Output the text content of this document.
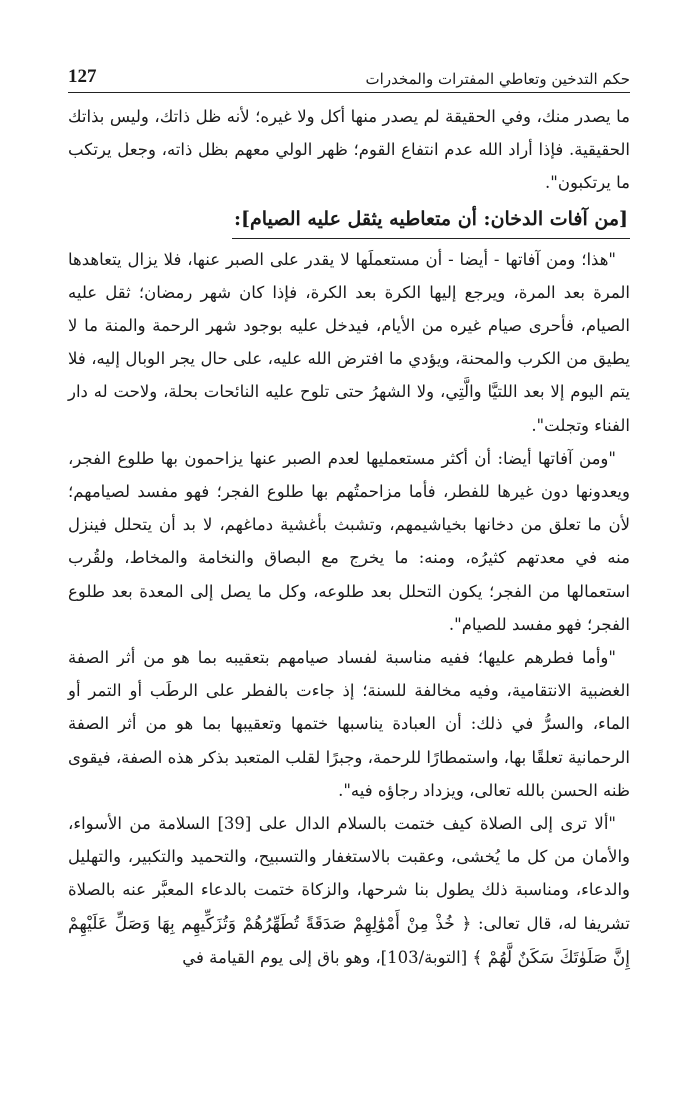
حكم التدخين وتعاطي المفترات والمخدرات
127

ما يصدر منك، وفي الحقيقة لم يصدر منها أكل ولا غيره؛ لأنه ظل ذاتك، وليس بذاتك الحقيقية. فإذا أراد الله عدم انتفاع القوم؛ ظهر الولي معهم بظل ذاته، وجعل يرتكب ما يرتكبون".

[من آفات الدخان: أن متعاطيه يثقل عليه الصيام]:

"هذا؛ ومن آفاتها - أيضا - أن مستعملَها لا يقدر على الصبر عنها، فلا يزال يتعاهدها المرة بعد المرة، ويرجع إليها الكرة بعد الكرة، فإذا كان شهر رمضان؛ ثقل عليه الصيام، فأحرى صيام غيره من الأيام، فيدخل عليه بوجود شهر الرحمة والمنة ما لا يطيق من الكرب والمحنة، ويؤدي ما افترض الله عليه، على حال يجر الوبال إليه، فلا يتم اليوم إلا بعد اللتيَّا والَّتِي، ولا الشهرُ حتى تلوح عليه النائحات بحلة، ولاحت له دار الفناء وتجلت".

"ومن آفاتها أيضا: أن أكثر مستعمليها لعدم الصبر عنها يزاحمون بها طلوع الفجر، ويعدونها دون غيرها للفطر، فأما مزاحمتُهم بها طلوع الفجر؛ فهو مفسد لصيامهم؛ لأن ما تعلق من دخانها بخياشيمهم، وتشبث بأغشية دماغهم، لا بد أن يتحلل فينزل منه في معدتهم كثيرُه، ومنه: ما يخرج مع البصاق والنخامة والمخاط، ولقُرب استعمالها من الفجر؛ يكون التحلل بعد طلوعه، وكل ما يصل إلى المعدة بعد طلوع الفجر؛ فهو مفسد للصيام".

"وأما فطرهم عليها؛ ففيه مناسبة لفساد صيامهم بتعقيبه بما هو من أثر الصفة الغضبية الانتقامية، وفيه مخالفة للسنة؛ إذ جاءت بالفطر على الرطَب أو التمر أو الماء، والسرُّ في ذلك: أن العبادة يناسبها ختمها وتعقيبها بما هو من أثر الصفة الرحمانية تعلقًا بها، واستمطارًا للرحمة، وجبرًا لقلب المتعبد بذكر هذه الصفة، فيقوى ظنه الحسن بالله تعالى، ويزداد رجاؤه فيه".

"ألا ترى إلى الصلاة كيف ختمت بالسلام الدال على [39] السلامة من الأسواء، والأمان من كل ما يُخشى، وعقبت بالاستغفار والتسبيح، والتحميد والتكبير، والتهليل والدعاء، ومناسبة ذلك يطول بنا شرحها، والزكاة ختمت بالدعاء المعبَّر عنه بالصلاة تشريفا له، قال تعالى: ﴿ خُذْ مِنْ أَمْوَٰلِهِمْ صَدَقَةً تُطَهِّرُهُمْ وَتُزَكِّيهِم بِهَا وَصَلِّ عَلَيْهِمْ إِنَّ صَلَوٰتَكَ سَكَنٌ لَّهُمْ ﴾ [التوبة/103]، وهو باق إلى يوم القيامة في
